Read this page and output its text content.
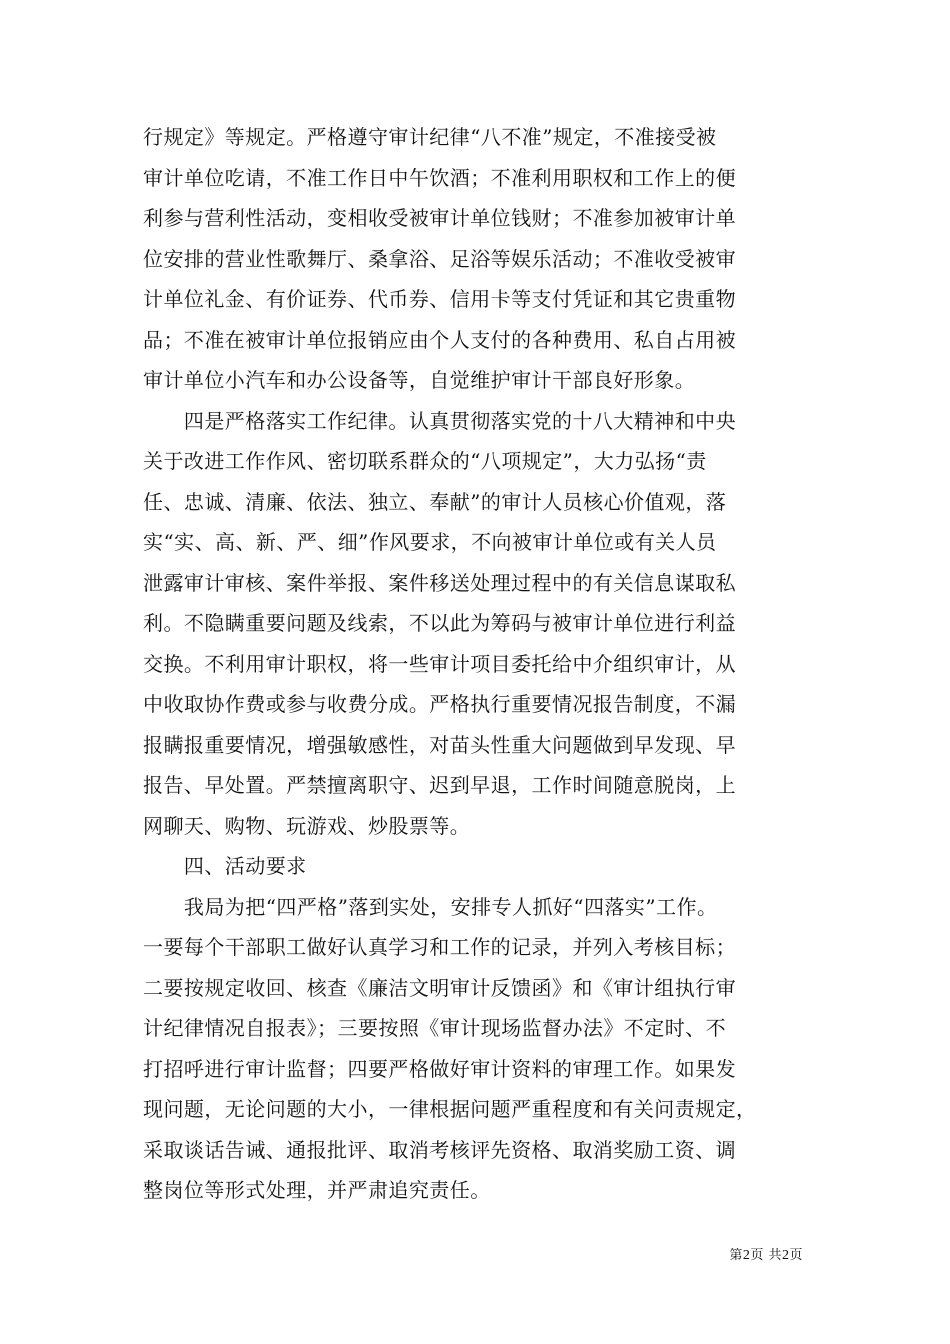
行规定》等规定。严格遵守审计纪律“八不准”规定，不准接受被
审计单位吃请，不准工作日中午饮酒；不准利用职权和工作上的便
利参与营利性活动，变相收受被审计单位钱财；不准参加被审计单
位安排的营业性歌舞厅、桑拿浴、足浴等娱乐活动；不准收受被审
计单位礼金、有价证券、代币券、信用卡等支付凭证和其它贵重物
品；不准在被审计单位报销应由个人支付的各种费用、私自占用被
审计单位小汽车和办公设备等，自觉维护审计干部良好形象。
　　四是严格落实工作纪律。认真贯彻落实党的十八大精神和中央
关于改进工作作风、密切联系群众的“八项规定”，大力弘扬“责
任、忠诚、清廉、依法、独立、奉献”的审计人员核心价值观，落
实“实、高、新、严、细”作风要求，不向被审计单位或有关人员
泄露审计审核、案件举报、案件移送处理过程中的有关信息谋取私
利。不隐瞒重要问题及线索，不以此为筹码与被审计单位进行利益
交换。不利用审计职权，将一些审计项目委托给中介组织审计，从
中收取协作费或参与收费分成。严格执行重要情况报告制度，不漏
报瞒报重要情况，增强敏感性，对苗头性重大问题做到早发现、早
报告、早处置。严禁擅离职守、迟到早退，工作时间随意脱岗，上
网聊天、购物、玩游戏、炒股票等。
　　四、活动要求
　　我局为把“四严格”落到实处，安排专人抓好“四落实”工作。
一要每个干部职工做好认真学习和工作的记录，并列入考核目标；
二要按规定收回、核查《廉洁文明审计反馈函》和《审计组执行审
计纪律情况自报表》；三要按照《审计现场监督办法》不定时、不
打招呼进行审计监督；四要严格做好审计资料的审理工作。如果发
现问题，无论问题的大小，一律根据问题严重程度和有关问责规定，
采取谈话告诫、通报批评、取消考核评先资格、取消奖励工资、调
整岗位等形式处理，并严肃追究责任。
第2页 共2页
